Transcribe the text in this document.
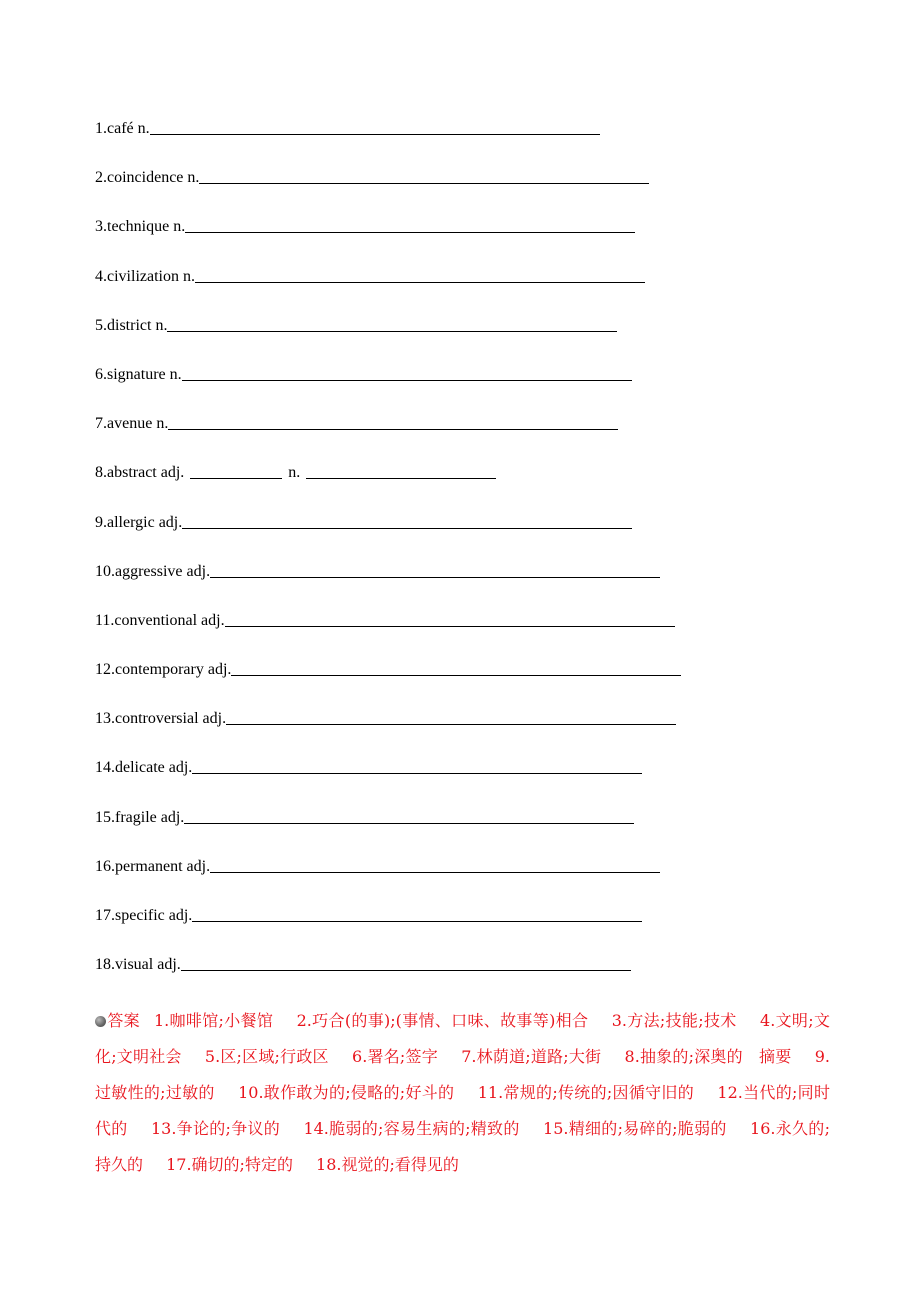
1.café n.
2.coincidence n.
3.technique n.
4.civilization n.
5.district n.
6.signature n.
7.avenue n.
8.abstract adj.	n.
9.allergic adj.
10.aggressive adj.
11.conventional adj.
12.contemporary adj.
13.controversial adj.
14.delicate adj.
15.fragile adj.
16.permanent adj.
17.specific adj.
18.visual adj.
答案 1.咖啡馆;小餐馆 2.巧合(的事);(事情、口味、故事等)相合 3.方法;技能;技术 4.文明;文化;文明社会 5.区;区域;行政区 6.署名;签字 7.林荫道;道路;大街 8.抽象的;深奥的　摘要 9.过敏性的;过敏的 10.敢作敢为的;侵略的;好斗的 11.常规的;传统的;因循守旧的 12.当代的;同时代的 13.争论的;争议的 14.脆弱的;容易生病的;精致的 15.精细的;易碎的;脆弱的 16.永久的;持久的 17.确切的;特定的 18.视觉的;看得见的
